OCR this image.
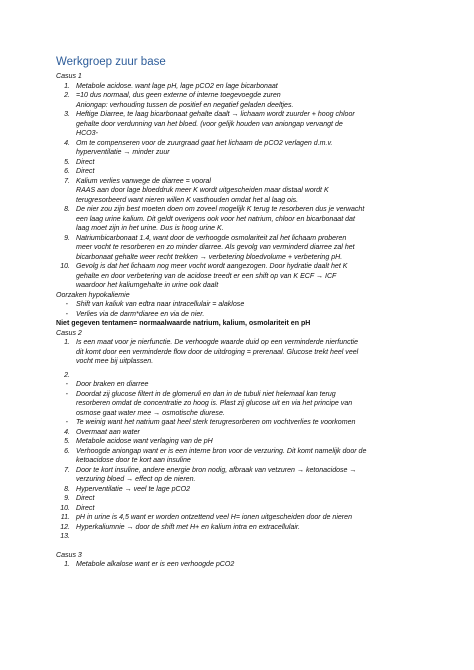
Werkgroep zuur base
Casus 1
1. Metabole acidose. want lage pH, lage pCO2 en lage bicarbonaat
2. =10 dus normaal, dus geen externe of interne toegevoegde zuren
Aniongap: verhouding tussen de positief en negatief geladen deeltjes.
3. Heftige Diarree, te laag bicarbonaat gehalte daalt → lichaam wordt zuurder + hoog chloor
gehalte door verdunning van het bloed. (voor gelijk houden van aniongap vervangt de
HCO3-
4. Om te compenseren voor de zuurgraad gaat het lichaam de pCO2 verlagen d.m.v.
hyperventilatie → minder zuur
5. Direct
6. Direct
7. Kalium verlies vanwege de diarree = vooral
RAAS aan door lage bloeddruk meer K wordt uitgescheiden maar distaal wordt K
terugresorbeerd want nieren willen K vasthouden omdat het al laag ois.
8. De nier zou zijn best moeten doen om zoveel mogelijk K terug te resorberen dus je verwacht
een laag urine kalium. Dit geldt overigens ook voor het natrium, chloor en bicarbonaat dat
laag moet zijn in het urine. Dus is hoog urine K.
9. Natriumbicarbonaat 1.4, want door de verhoogde osmolariteit zal het lichaam proberen
meer vocht te resorberen en zo minder diarree. Als gevolg van verminderd diarree zal het
bicarbonaat gehalte weer recht trekken → verbetering bloedvolume + verbetering pH.
10. Gevolg is dat het lichaam nog meer vocht wordt aangezogen. Door hydratie daalt het K
gehalte en door verbetering van de acidose treedt er een shift op van K ECF → ICF
waardoor het kaliumgehalte in urine ook daalt
Oorzaken hypokaliemie
-	Shift van kaliuk van edtra naar intracellulair = alaklose
-	Verlies via de darm*diaree en via de nier.
Niet gegeven tentamen= normaalwaarde natrium, kalium, osmolariteit en pH
Casus 2
1. Is een maat voor je nierfunctie. De verhoogde waarde duid op een verminderde nierfunctie
dit komt door een verminderde flow door de uitdroging = prerenaal. Glucose trekt heel veel
vocht mee bij uitplassen.
2.

-	Door braken en diarree
-	Doordat zij glucose filtert in de glomeruli en dan in de tubuli niet helemaal kan terug
resorberen omdat de concentratie zo hoog is. Plast zij glucose uit en via het principe van
osmose gaat water mee → osmotische diurese.
-	Te weinig want het natrium gaat heel sterk terugresorberen om vochtverlies te voorkomen
4. Overmaat aan water
5. Metabole acidose want verlaging van de pH
6. Verhoogde aniongap want er is een interne bron voor de verzuring. Dit komt namelijk door de
ketoacidose door te kort aan insuline
7. Door te kort insuline, andere energie bron nodig, afbraak van vetzuren → ketonacidose →
verzuring bloed → effect op de nieren.
8. Hyperventilatie → veel te lage pCO2
9. Direct
10. Direct
11. pH in urine is 4,5 want er worden ontzettend veel H= ionen uitgescheiden door de nieren
12. Hyperkaliumnie → door de shift met H+ en kalium intra en extracellulair.
13.

Casus 3
1. Metabole alkalose want er is een verhoogde pCO2
